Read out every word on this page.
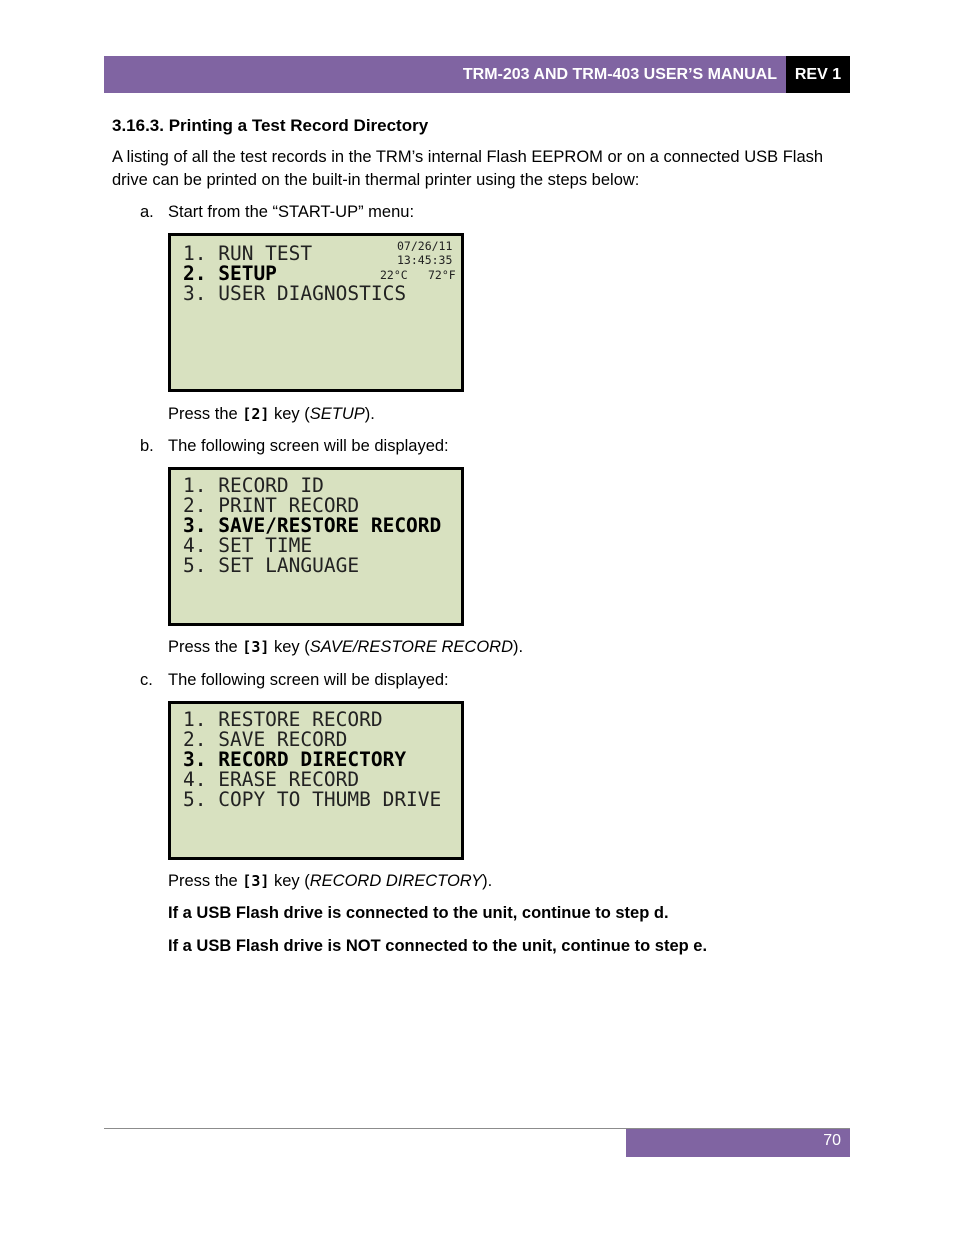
TRM-203 AND TRM-403 USER’S MANUAL	REV 1
3.16.3. Printing a Test Record Directory

A listing of all the test records in the TRM’s internal Flash EEPROM or on a connected USB Flash drive can be printed on the built-in thermal printer using the steps below:

a. Start from the “START-UP” menu:
1. RUN TEST
2. SETUP
3. USER DIAGNOSTICS
07/26/11
13:45:35
22°C 72°F
Press the [2] key (SETUP).
b. The following screen will be displayed:
1. RECORD ID
2. PRINT RECORD
3. SAVE/RESTORE RECORD
4. SET TIME
5. SET LANGUAGE
Press the [3] key (SAVE/RESTORE RECORD).
c. The following screen will be displayed:
1. RESTORE RECORD
2. SAVE RECORD
3. RECORD DIRECTORY
4. ERASE RECORD
5. COPY TO THUMB DRIVE
Press the [3] key (RECORD DIRECTORY).
If a USB Flash drive is connected to the unit, continue to step d.
If a USB Flash drive is NOT connected to the unit, continue to step e.
70
